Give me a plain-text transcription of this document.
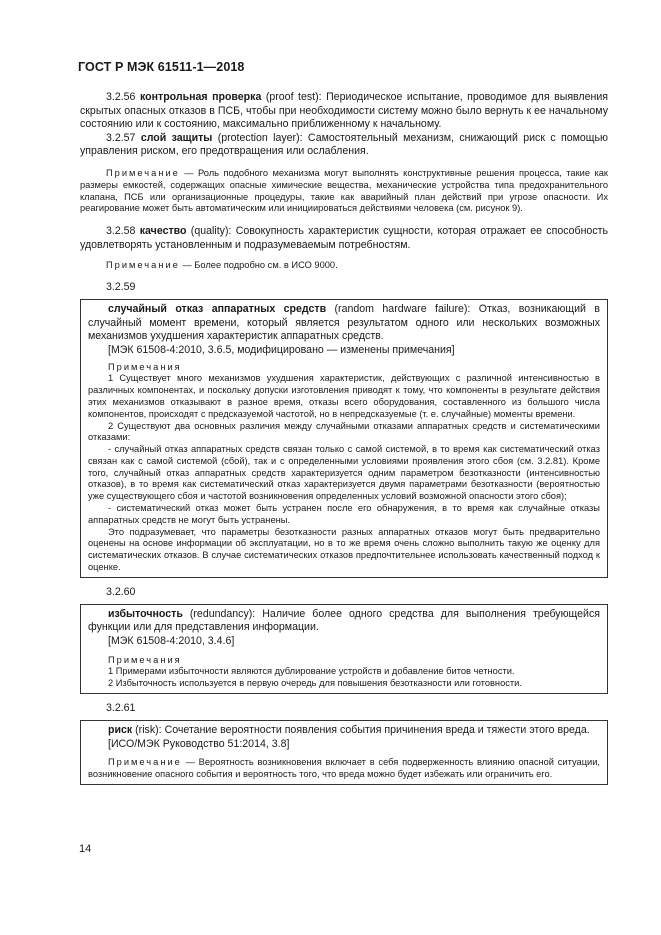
ГОСТ Р МЭК 61511-1—2018

3.2.56 контрольная проверка (proof test): Периодическое испытание, проводимое для выявления скрытых опасных отказов в ПСБ, чтобы при необходимости систему можно было вернуть к ее начальному состоянию или к состоянию, максимально приближенному к начальному.

3.2.57 слой защиты (protection layer): Самостоятельный механизм, снижающий риск с помощью управления риском, его предотвращения или ослабления.

Примечание — Роль подобного механизма могут выполнять конструктивные решения процесса, такие как размеры емкостей, содержащих опасные химические вещества, механические устройства типа предохранительного клапана, ПСБ или организационные процедуры, такие как аварийный план действий при угрозе опасности. Их реагирование может быть автоматическим или инициироваться действиями человека (см. рисунок 9).

3.2.58 качество (quality): Совокупность характеристик сущности, которая отражает ее способность удовлетворять установленным и подразумеваемым потребностям.

Примечание — Более подробно см. в ИСО 9000.

3.2.59

случайный отказ аппаратных средств (random hardware failure): Отказ, возникающий в случайный момент времени, который является результатом одного или нескольких возможных механизмов ухудшения характеристик аппаратных средств.

[МЭК 61508-4:2010, 3.6.5, модифицировано — изменены примечания]

Примечания

1 Существует много механизмов ухудшения характеристик, действующих с различной интенсивностью в различных компонентах, и поскольку допуски изготовления приводят к тому, что компоненты в результате действия этих механизмов отказывают в разное время, отказы всего оборудования, составленного из большого числа компонентов, происходят с предсказуемой частотой, но в непредсказуемые (т. е. случайные) моменты времени.

2 Существуют два основных различия между случайными отказами аппаратных средств и систематическими отказами:

- случайный отказ аппаратных средств связан только с самой системой, в то время как систематический отказ связан как с самой системой (сбой), так и с определенными условиями проявления этого сбоя (см. 3.2.81). Кроме того, случайный отказ аппаратных средств характеризуется одним параметром безотказности (интенсивностью отказов), в то время как систематический отказ характеризуется двумя параметрами безотказности (вероятностью уже существующего сбоя и частотой возникновения определенных условий возможной опасности этого сбоя);

- систематический отказ может быть устранен после его обнаружения, в то время как случайные отказы аппаратных средств не могут быть устранены.

Это подразумевает, что параметры безотказности разных аппаратных отказов могут быть предварительно оценены на основе информации об эксплуатации, но в то же время очень сложно выполнить такую же оценку для систематических отказов. В случае систематических отказов предпочтительнее использовать качественный подход к оценке.

3.2.60

избыточность (redundancy): Наличие более одного средства для выполнения требующейся функции или для представления информации.

[МЭК 61508-4:2010, 3.4.6]

Примечания

1 Примерами избыточности являются дублирование устройств и добавление битов четности.

2 Избыточность используется в первую очередь для повышения безотказности или готовности.

3.2.61

риск (risk): Сочетание вероятности появления события причинения вреда и тяжести этого вреда.

[ИСО/МЭК Руководство 51:2014, 3.8]

Примечание — Вероятность возникновения включает в себя подверженность влиянию опасной ситуации, возникновение опасного события и вероятность того, что вреда можно будет избежать или ограничить его.

14
